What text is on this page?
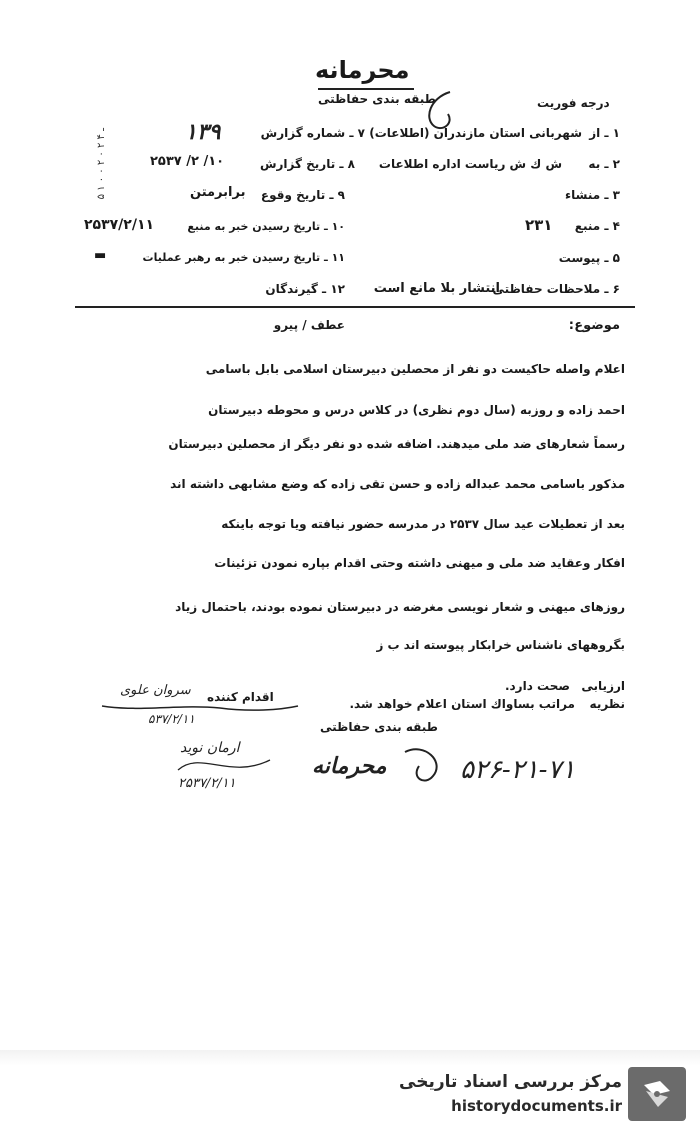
محرمانه
طبقه بندی حفاظتی	درجه فوریت
۱ ـ از
شهربانی استان مازندران (اطلاعات)
۲ ـ به
ش ك ش ریاست اداره اطلاعات
۳ ـ منشاء
۴ ـ منبع
۲۳۱
۵ ـ پیوست
۶ ـ ملاحظات حفاظتی
انتشار بلا مانع است
۷ ـ شماره گزارش
۱۳۹
۸ ـ تاریخ گزارش
۱۰/ ۲/ ۲۵۳۷
۹ ـ تاریخ وقوع
برابرمتن
۱۰ ـ تاریخ رسیدن خبر به منبع
۲۵۳۷/۲/۱۱
۱۱ ـ تاریخ رسیدن خبر به رهبر عملیات
▬
۱۲ ـ گیرندگان
۵ ـ ۴ ۲ ۰ ۲ ۰ ۰ ۱
موضوع
:
عطف / پیرو
اعلام واصله حاکیست دو نفر از محصلین دبیرستان اسلامی بابل باسامی
احمد زاده و روزبه (سال دوم نظری) در کلاس درس و محوطه دبیرستان
رسماً شعارهای ضد ملی میدهند. اضافه شده دو نفر دیگر از محصلین دبیرستان
مذکور باسامی محمد عبداله زاده و حسن تقی زاده که وضع مشابهی داشته اند
بعد از تعطیلات عید سال ۲۵۳۷ در مدرسه حضور نیافته ویا توجه باینکه
افکار وعقاید ضد ملی و میهنی داشته وحتی اقدام بپاره نمودن تزئینات
روزهای میهنی و شعار نویسی مغرضه در دبیرستان نموده بودند، باحتمال زیاد
بگروههای ناشناس خرابکار پیوسته اند ب ز
ارزیابی
صحت دارد.
نظریه
مراتب بساواك استان اعلام خواهد شد.
اقدام کننده
سروان علوی
۵۳۷/۲/۱۱
طبقه بندی حفاظتی
ارمان نوید
۲۵۳۷/۲/۱۱
محرمانه	۵۲۶-۲۱-۷۱
مرکز بررسی اسناد تاریخی
historydocuments.ir
